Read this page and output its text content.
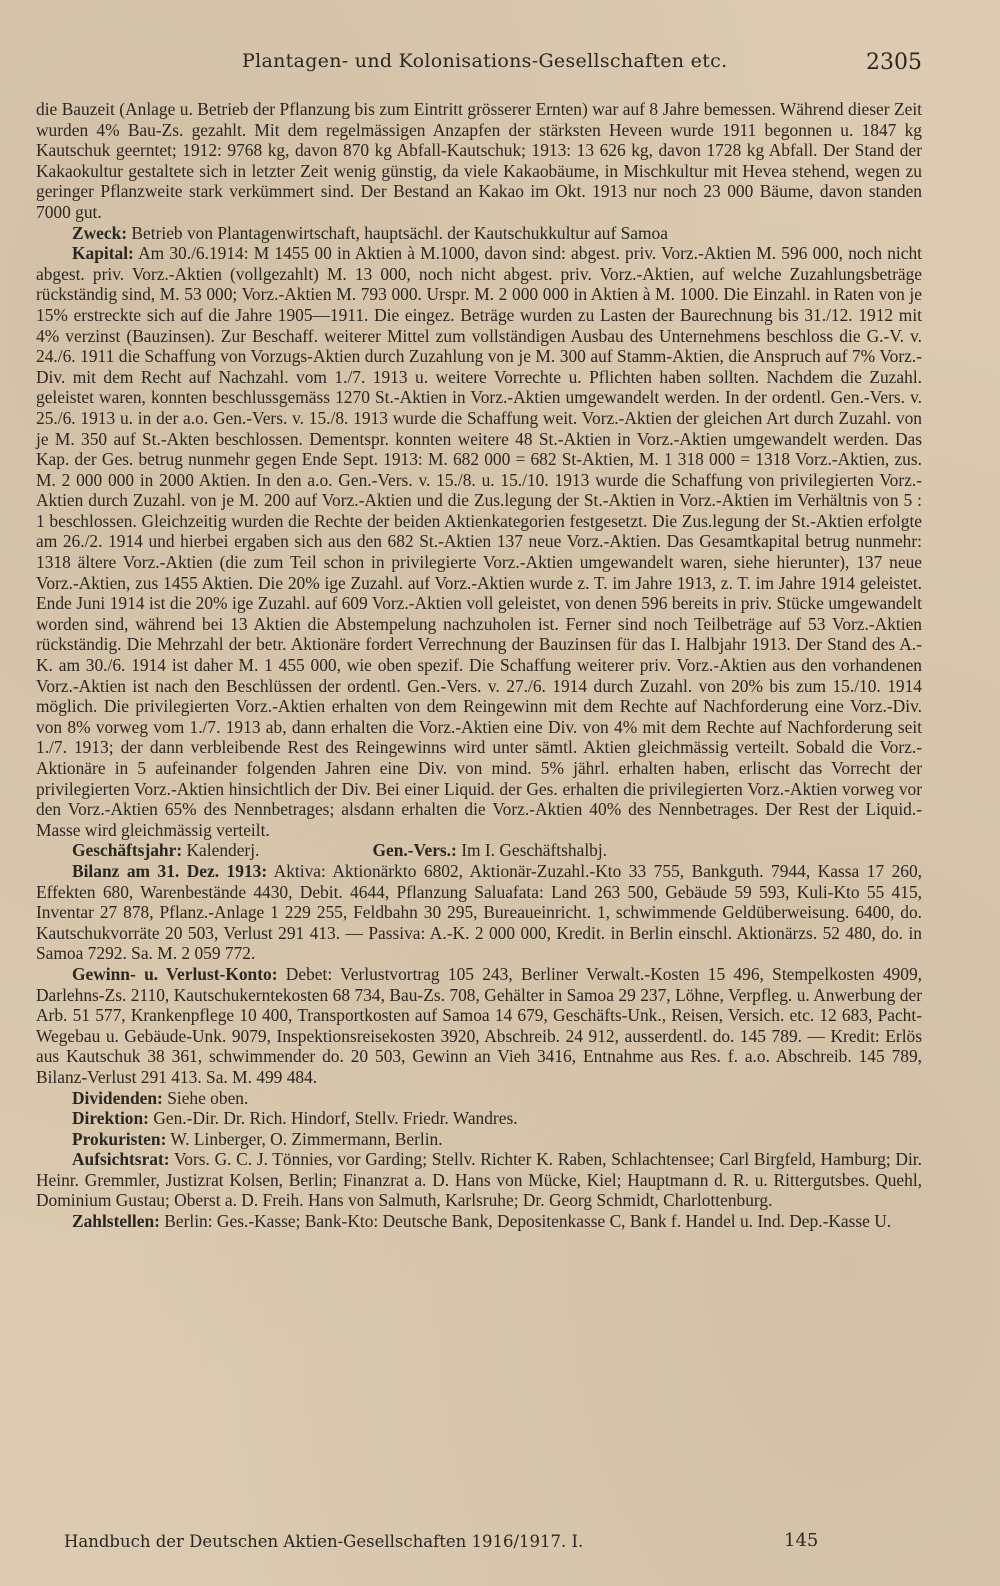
Plantagen- und Kolonisations-Gesellschaften etc.	2305

die Bauzeit (Anlage u. Betrieb der Pflanzung bis zum Eintritt grösserer Ernten) war auf 8 Jahre bemessen. Während dieser Zeit wurden 4% Bau-Zs. gezahlt. Mit dem regelmässigen Anzapfen der stärksten Heveen wurde 1911 begonnen u. 1847 kg Kautschuk geerntet; 1912: 9768 kg, davon 870 kg Abfall-Kautschuk; 1913: 13 626 kg, davon 1728 kg Abfall. Der Stand der Kakaokultur gestaltete sich in letzter Zeit wenig günstig, da viele Kakaobäume, in Mischkultur mit Hevea stehend, wegen zu geringer Pflanzweite stark verkümmert sind. Der Bestand an Kakao im Okt. 1913 nur noch 23 000 Bäume, davon standen 7000 gut.

Zweck: Betrieb von Plantagenwirtschaft, hauptsächl. der Kautschukkultur auf Samoa

Kapital: Am 30./6.1914: M 1455 00 in Aktien à M.1000, davon sind: abgest. priv. Vorz.-Aktien M. 596 000, noch nicht abgest. priv. Vorz.-Aktien (vollgezahlt) M. 13 000, noch nicht abgest. priv. Vorz.-Aktien, auf welche Zuzahlungsbeträge rückständig sind, M. 53 000; Vorz.-Aktien M. 793 000. Urspr. M. 2 000 000 in Aktien à M. 1000. Die Einzahl. in Raten von je 15% erstreckte sich auf die Jahre 1905—1911. Die eingez. Beträge wurden zu Lasten der Baurechnung bis 31./12. 1912 mit 4% verzinst (Bauzinsen). Zur Beschaff. weiterer Mittel zum vollständigen Ausbau des Unternehmens beschloss die G.-V. v. 24./6. 1911 die Schaffung von Vorzugs-Aktien durch Zuzahlung von je M. 300 auf Stamm-Aktien, die Anspruch auf 7% Vorz.-Div. mit dem Recht auf Nachzahl. vom 1./7. 1913 u. weitere Vorrechte u. Pflichten haben sollten. Nachdem die Zuzahl. geleistet waren, konnten beschlussgemäss 1270 St.-Aktien in Vorz.-Aktien umgewandelt werden. In der ordentl. Gen.-Vers. v. 25./6. 1913 u. in der a.o. Gen.-Vers. v. 15./8. 1913 wurde die Schaffung weit. Vorz.-Aktien der gleichen Art durch Zuzahl. von je M. 350 auf St.-Akten beschlossen. Dementspr. konnten weitere 48 St.-Aktien in Vorz.-Aktien umgewandelt werden. Das Kap. der Ges. betrug nunmehr gegen Ende Sept. 1913: M. 682 000 = 682 St-Aktien, M. 1 318 000 = 1318 Vorz.-Aktien, zus. M. 2 000 000 in 2000 Aktien. In den a.o. Gen.-Vers. v. 15./8. u. 15./10. 1913 wurde die Schaffung von privilegierten Vorz.-Aktien durch Zuzahl. von je M. 200 auf Vorz.-Aktien und die Zus.legung der St.-Aktien in Vorz.-Aktien im Verhältnis von 5 : 1 beschlossen. Gleichzeitig wurden die Rechte der beiden Aktienkategorien festgesetzt. Die Zus.legung der St.-Aktien erfolgte am 26./2. 1914 und hierbei ergaben sich aus den 682 St.-Aktien 137 neue Vorz.-Aktien. Das Gesamtkapital betrug nunmehr: 1318 ältere Vorz.-Aktien (die zum Teil schon in privilegierte Vorz.-Aktien umgewandelt waren, siehe hierunter), 137 neue Vorz.-Aktien, zus 1455 Aktien. Die 20% ige Zuzahl. auf Vorz.-Aktien wurde z. T. im Jahre 1913, z. T. im Jahre 1914 geleistet. Ende Juni 1914 ist die 20% ige Zuzahl. auf 609 Vorz.-Aktien voll geleistet, von denen 596 bereits in priv. Stücke umgewandelt worden sind, während bei 13 Aktien die Abstempelung nachzuholen ist. Ferner sind noch Teilbeträge auf 53 Vorz.-Aktien rückständig. Die Mehrzahl der betr. Aktionäre fordert Verrechnung der Bauzinsen für das I. Halbjahr 1913. Der Stand des A.-K. am 30./6. 1914 ist daher M. 1 455 000, wie oben spezif. Die Schaffung weiterer priv. Vorz.-Aktien aus den vorhandenen Vorz.-Aktien ist nach den Beschlüssen der ordentl. Gen.-Vers. v. 27./6. 1914 durch Zuzahl. von 20% bis zum 15./10. 1914 möglich. Die privilegierten Vorz.-Aktien erhalten von dem Reingewinn mit dem Rechte auf Nachforderung eine Vorz.-Div. von 8% vorweg vom 1./7. 1913 ab, dann erhalten die Vorz.-Aktien eine Div. von 4% mit dem Rechte auf Nachforderung seit 1./7. 1913; der dann verbleibende Rest des Reingewinns wird unter sämtl. Aktien gleichmässig verteilt. Sobald die Vorz.-Aktionäre in 5 aufeinander folgenden Jahren eine Div. von mind. 5% jährl. erhalten haben, erlischt das Vorrecht der privilegierten Vorz.-Aktien hinsichtlich der Div. Bei einer Liquid. der Ges. erhalten die privilegierten Vorz.-Aktien vorweg vor den Vorz.-Aktien 65% des Nennbetrages; alsdann erhalten die Vorz.-Aktien 40% des Nennbetrages. Der Rest der Liquid.-Masse wird gleichmässig verteilt.

Geschäftsjahr: Kalenderj.	Gen.-Vers.: Im I. Geschäftshalbj.

Bilanz am 31. Dez. 1913: Aktiva: Aktionärkto 6802, Aktionär-Zuzahl.-Kto 33 755, Bankguth. 7944, Kassa 17 260, Effekten 680, Warenbestände 4430, Debit. 4644, Pflanzung Saluafata: Land 263 500, Gebäude 59 593, Kuli-Kto 55 415, Inventar 27 878, Pflanz.-Anlage 1 229 255, Feldbahn 30 295, Bureaueinricht. 1, schwimmende Geldüberweisung. 6400, do. Kautschukvorräte 20 503, Verlust 291 413. — Passiva: A.-K. 2 000 000, Kredit. in Berlin einschl. Aktionärzs. 52 480, do. in Samoa 7292. Sa. M. 2 059 772.

Gewinn- u. Verlust-Konto: Debet: Verlustvortrag 105 243, Berliner Verwalt.-Kosten 15 496, Stempelkosten 4909, Darlehns-Zs. 2110, Kautschukerntekosten 68 734, Bau-Zs. 708, Gehälter in Samoa 29 237, Löhne, Verpfleg. u. Anwerbung der Arb. 51 577, Krankenpflege 10 400, Transportkosten auf Samoa 14 679, Geschäfts-Unk., Reisen, Versich. etc. 12 683, Pacht-Wegebau u. Gebäude-Unk. 9079, Inspektionsreisekosten 3920, Abschreib. 24 912, ausserdentl. do. 145 789. — Kredit: Erlös aus Kautschuk 38 361, schwimmender do. 20 503, Gewinn an Vieh 3416, Entnahme aus Res. f. a.o. Abschreib. 145 789, Bilanz-Verlust 291 413. Sa. M. 499 484.

Dividenden: Siehe oben.

Direktion: Gen.-Dir. Dr. Rich. Hindorf, Stellv. Friedr. Wandres.

Prokuristen: W. Linberger, O. Zimmermann, Berlin.

Aufsichtsrat: Vors. G. C. J. Tönnies, vor Garding; Stellv. Richter K. Raben, Schlachtensee; Carl Birgfeld, Hamburg; Dir. Heinr. Gremmler, Justizrat Kolsen, Berlin; Finanzrat a. D. Hans von Mücke, Kiel; Hauptmann d. R. u. Rittergutsbes. Quehl, Dominium Gustau; Oberst a. D. Freih. Hans von Salmuth, Karlsruhe; Dr. Georg Schmidt, Charlottenburg.

Zahlstellen: Berlin: Ges.-Kasse; Bank-Kto: Deutsche Bank, Depositenkasse C, Bank f. Handel u. Ind. Dep.-Kasse U.

Handbuch der Deutschen Aktien-Gesellschaften 1916/1917. I.	145
